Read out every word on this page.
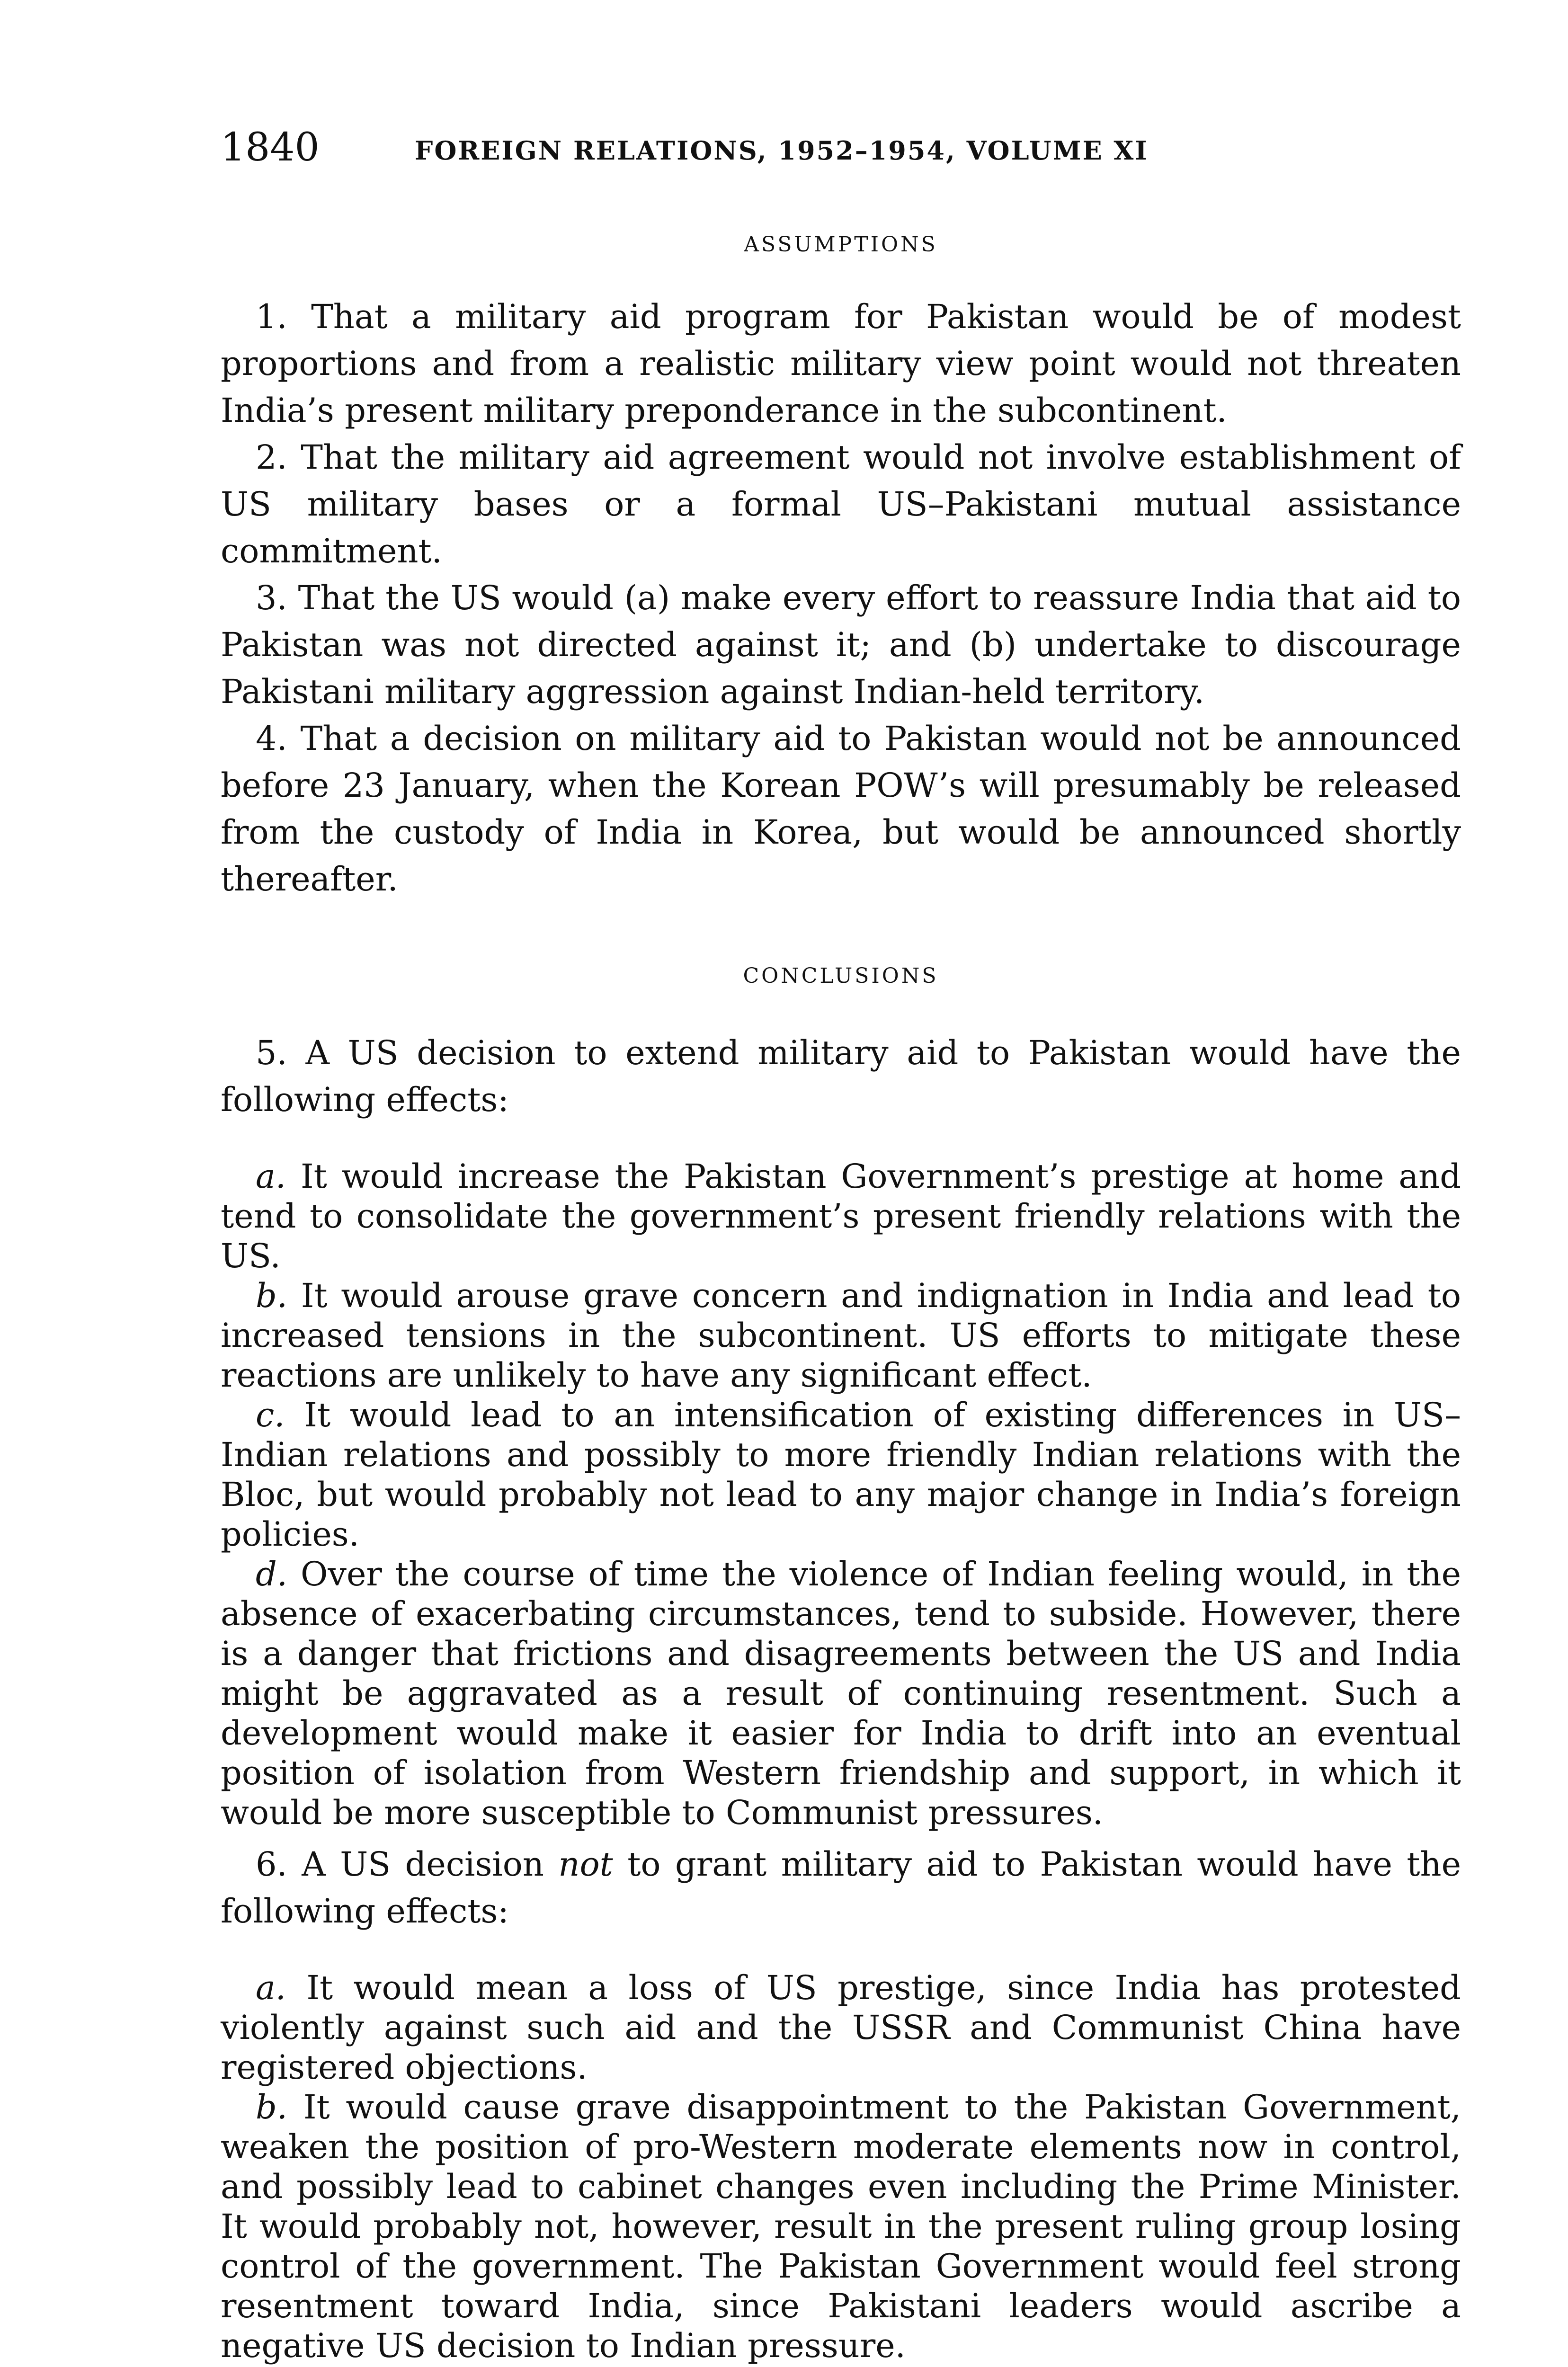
1840	FOREIGN RELATIONS, 1952–1954, VOLUME XI
ASSUMPTIONS

1. That a military aid program for Pakistan would be of modest proportions and from a realistic military view point would not threaten India’s present military preponderance in the subcontinent.

2. That the military aid agreement would not involve establishment of US military bases or a formal US–Pakistani mutual assistance commitment.

3. That the US would (a) make every effort to reassure India that aid to Pakistan was not directed against it; and (b) undertake to discourage Pakistani military aggression against Indian-held territory.

4. That a decision on military aid to Pakistan would not be announced before 23 January, when the Korean POW’s will presumably be released from the custody of India in Korea, but would be announced shortly thereafter.

CONCLUSIONS

5. A US decision to extend military aid to Pakistan would have the following effects:

a. It would increase the Pakistan Government’s prestige at home and tend to consolidate the government’s present friendly relations with the US.

b. It would arouse grave concern and indignation in India and lead to increased tensions in the subcontinent. US efforts to mitigate these reactions are unlikely to have any significant effect.

c. It would lead to an intensification of existing differences in US–Indian relations and possibly to more friendly Indian relations with the Bloc, but would probably not lead to any major change in India’s foreign policies.

d. Over the course of time the violence of Indian feeling would, in the absence of exacerbating circumstances, tend to subside. However, there is a danger that frictions and disagreements between the US and India might be aggravated as a result of continuing resentment. Such a development would make it easier for India to drift into an eventual position of isolation from Western friendship and support, in which it would be more susceptible to Communist pressures.

6. A US decision not to grant military aid to Pakistan would have the following effects:

a. It would mean a loss of US prestige, since India has protested violently against such aid and the USSR and Communist China have registered objections.

b. It would cause grave disappointment to the Pakistan Government, weaken the position of pro-Western moderate elements now in control, and possibly lead to cabinet changes even including the Prime Minister. It would probably not, however, result in the present ruling group losing control of the government. The Pakistan Government would feel strong resentment toward India, since Pakistani leaders would ascribe a negative US decision to Indian pressure.
